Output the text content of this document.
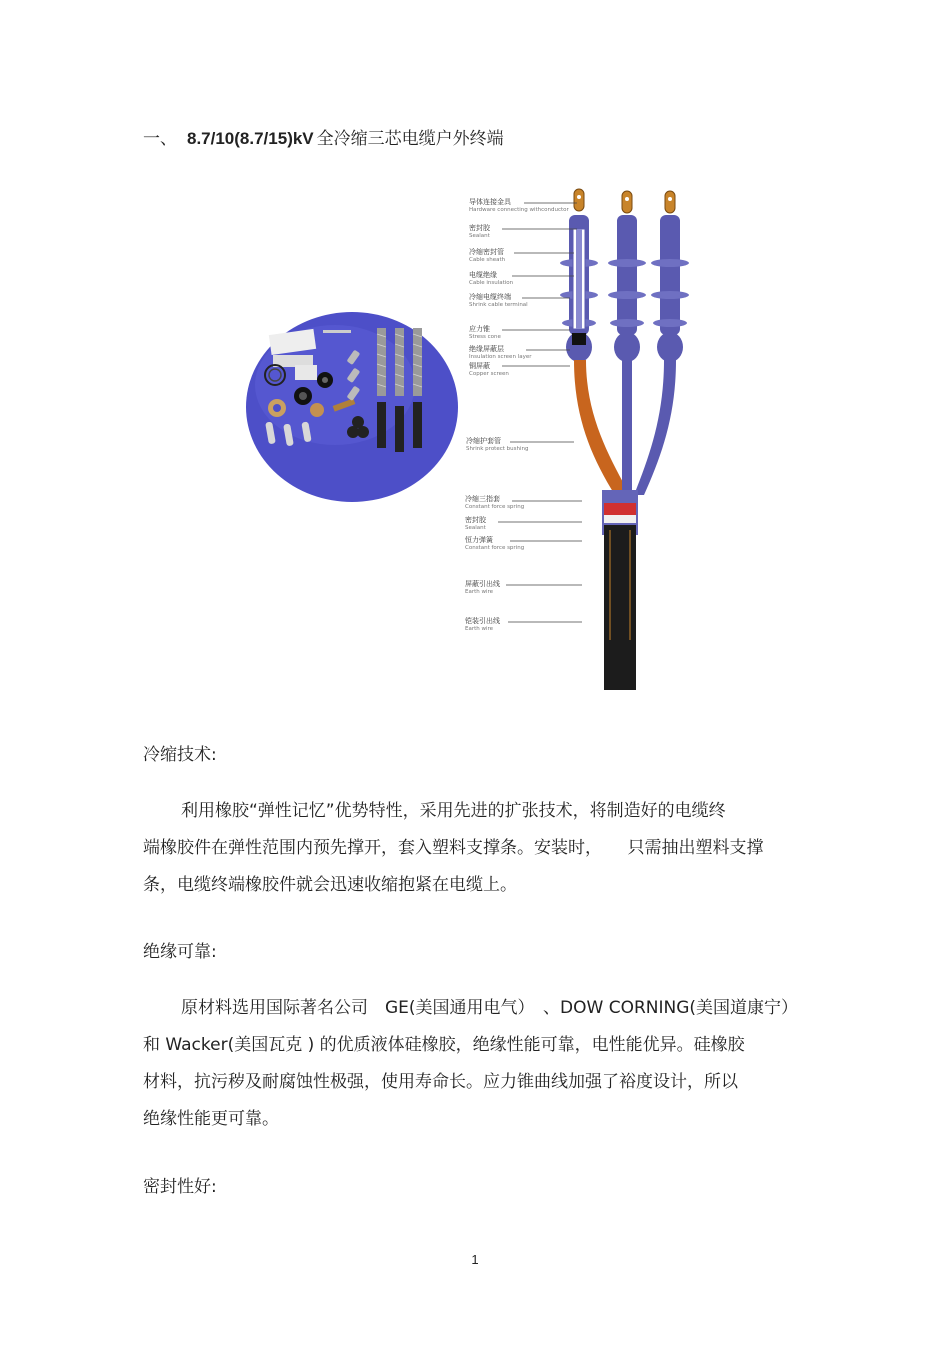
一、 8.7/10(8.7/15)kV 全冷缩三芯电缆户外终端
导体连接金具
Hardware connecting withconductor
密封胶
Sealant
冷缩密封管
Cable sheath
电缆绝缘
Cable insulation
冷缩电缆终端
Shrink cable terminal
应力锥
Stress cone
绝缘屏蔽层
Insulation screen layer
铜屏蔽
Copper screen
冷缩护套管
Shrink protect bushing
冷缩三指套
Constant force spring
密封胶
Sealant
恒力弹簧
Constant force spring
屏蔽引出线
Earth wire
铠装引出线
Earth wire
冷缩技术:
利用橡胶“弹性记忆”优势特性，采用先进的扩张技术，将制造好的电缆终
端橡胶件在弹性范围内预先撑开，套入塑料支撑条。安装时，　　只需抽出塑料支撑
条，电缆终端橡胶件就会迅速收缩抱紧在电缆上。
绝缘可靠:
原材料选用国际著名公司　GE(美国通用电气）　、DOW CORNING(美国道康宁）
和 Wacker(美国瓦克 ) 的优质液体硅橡胶，绝缘性能可靠，电性能优异。硅橡胶
材料，抗污秽及耐腐蚀性极强，使用寿命长。应力锥曲线加强了裕度设计，所以
绝缘性能更可靠。
密封性好:
1
